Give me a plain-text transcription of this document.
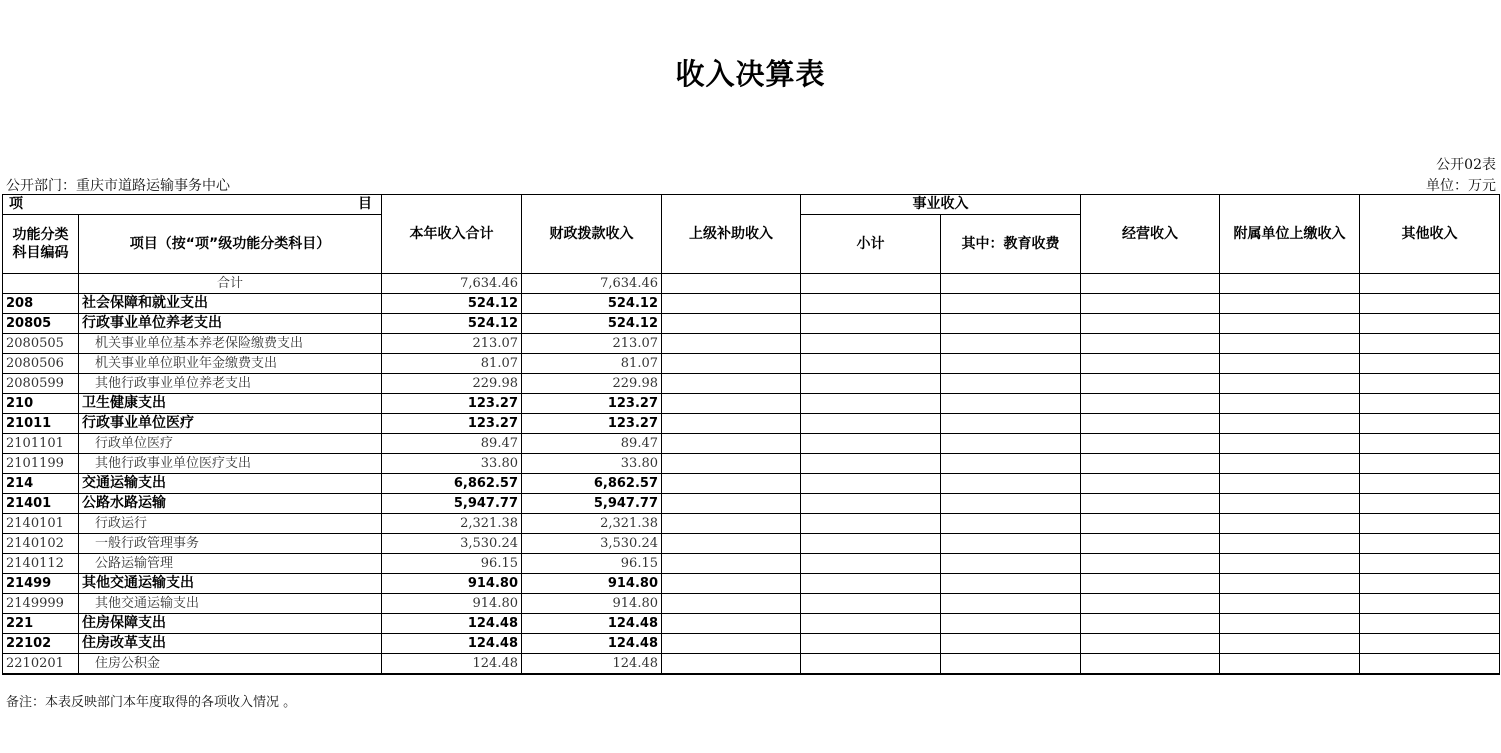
收入决算表
公开02表
公开部门：重庆市道路运输事务中心	单位：万元
项 目		本年收入合计	财政拨款收入	上级补助收入	事业收入		经营收入	附属单位上缴收入	其他收入
功能分类科目编码	项目（按“项”级功能分类科目）				小计	其中：教育收费			

	合计	7,634.46	7,634.46						
208	社会保障和就业支出	524.12	524.12						
20805	行政事业单位养老支出	524.12	524.12						
2080505	机关事业单位基本养老保险缴费支出	213.07	213.07						
2080506	机关事业单位职业年金缴费支出	81.07	81.07						
2080599	其他行政事业单位养老支出	229.98	229.98						
210	卫生健康支出	123.27	123.27						
21011	行政事业单位医疗	123.27	123.27						
2101101	行政单位医疗	89.47	89.47						
2101199	其他行政事业单位医疗支出	33.80	33.80						
214	交通运输支出	6,862.57	6,862.57						
21401	公路水路运输	5,947.77	5,947.77						
2140101	行政运行	2,321.38	2,321.38						
2140102	一般行政管理事务	3,530.24	3,530.24						
2140112	公路运输管理	96.15	96.15						
21499	其他交通运输支出	914.80	914.80						
2149999	其他交通运输支出	914.80	914.80						
221	住房保障支出	124.48	124.48						
22102	住房改革支出	124.48	124.48						
2210201	住房公积金	124.48	124.48						
备注：本表反映部门本年度取得的各项收入情况 。
